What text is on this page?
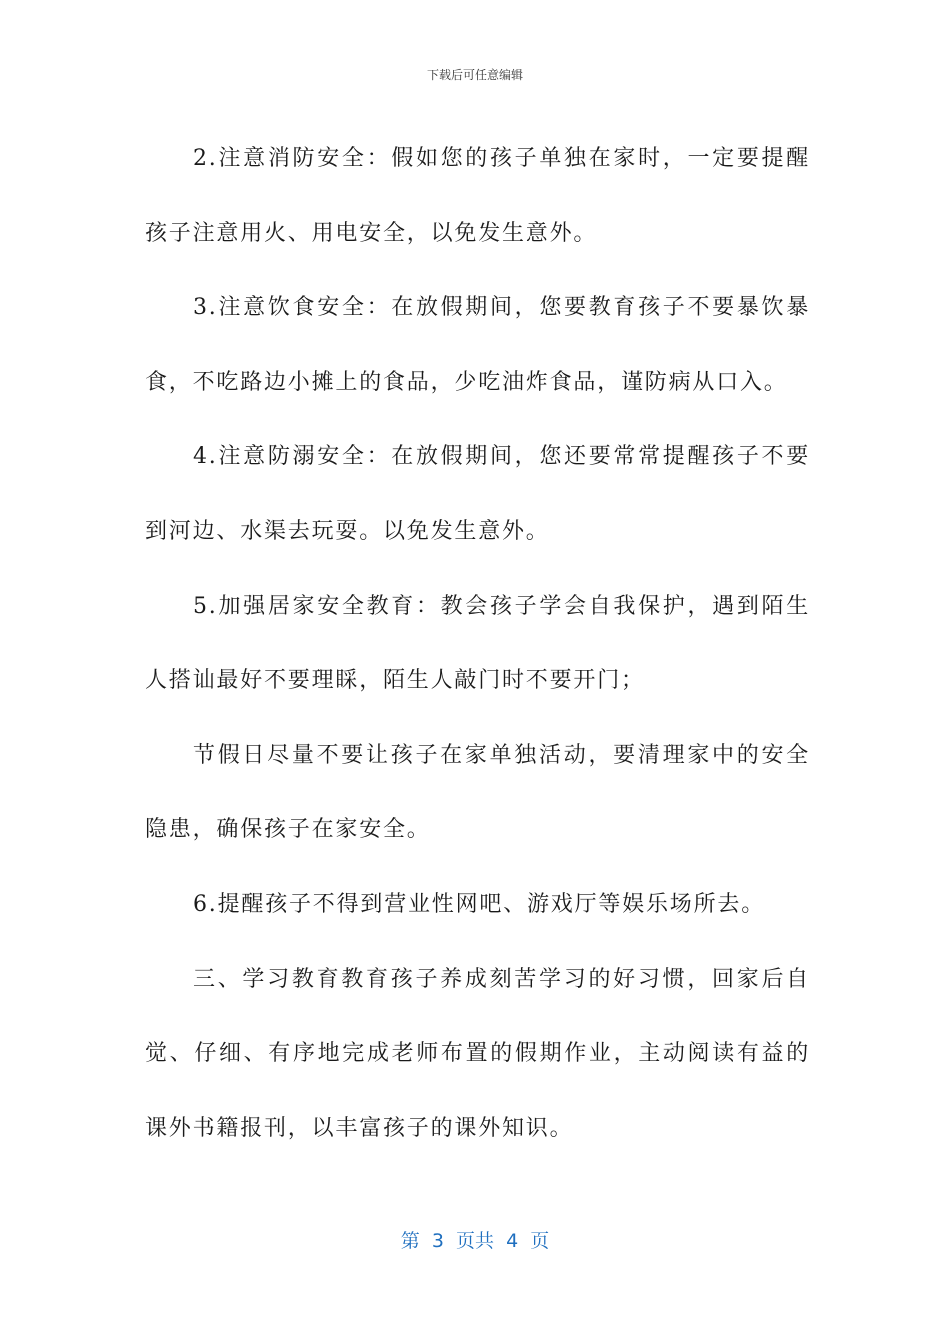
下载后可任意编辑

2.注意消防安全：假如您的孩子单独在家时，一定要提醒孩子注意用火、用电安全，以免发生意外。

3.注意饮食安全：在放假期间，您要教育孩子不要暴饮暴食，不吃路边小摊上的食品，少吃油炸食品，谨防病从口入。

4.注意防溺安全：在放假期间，您还要常常提醒孩子不要到河边、水渠去玩耍。以免发生意外。

5.加强居家安全教育：教会孩子学会自我保护，遇到陌生人搭讪最好不要理睬，陌生人敲门时不要开门；

节假日尽量不要让孩子在家单独活动，要清理家中的安全隐患，确保孩子在家安全。

6.提醒孩子不得到营业性网吧、游戏厅等娱乐场所去。

三、学习教育教育孩子养成刻苦学习的好习惯，回家后自觉、仔细、有序地完成老师布置的假期作业，主动阅读有益的课外书籍报刊，以丰富孩子的课外知识。

第  3  页共  4  页
